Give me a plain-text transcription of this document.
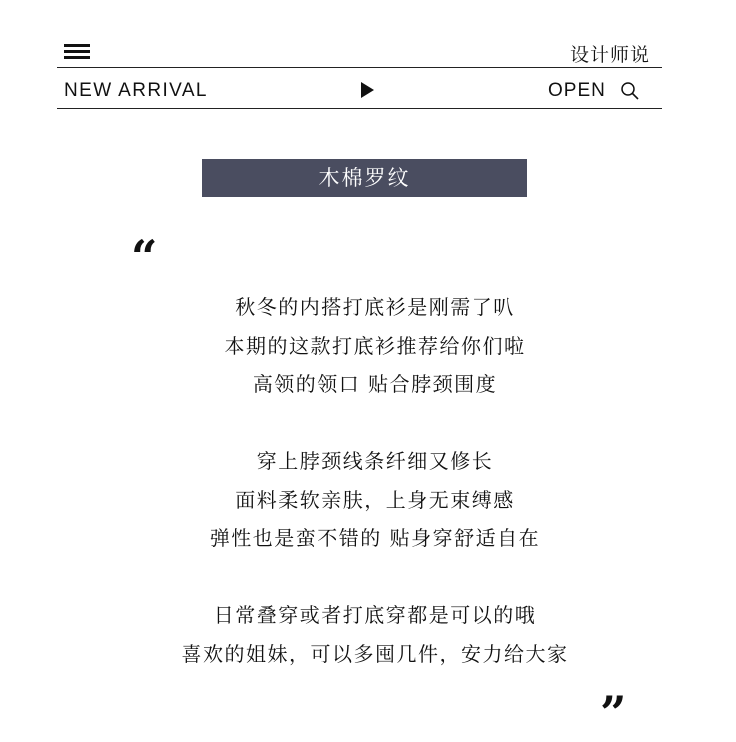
设计师说
NEW ARRIVAL	OPEN
木棉罗纹
“
秋冬的内搭打底衫是刚需了叭
本期的这款打底衫推荐给你们啦
高领的领口 贴合脖颈围度
穿上脖颈线条纤细又修长
面料柔软亲肤，上身无束缚感
弹性也是蛮不错的 贴身穿舒适自在
日常叠穿或者打底穿都是可以的哦
喜欢的姐妹，可以多囤几件，安力给大家
”
